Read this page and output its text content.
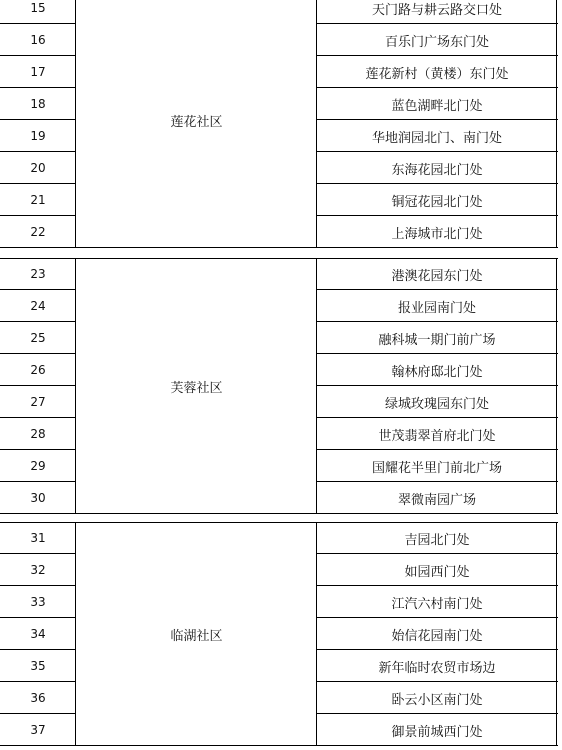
15	天门路与耕云路交口处
16	百乐门广场东门处
17	莲花新村（黄楼）东门处
18	蓝色湖畔北门处
19	华地润园北门、南门处
20	东海花园北门处
21	铜冠花园北门处
22	上海城市北门处
莲花社区
23	港澳花园东门处
24	报业园南门处
25	融科城一期门前广场
26	翰林府邸北门处
27	绿城玫瑰园东门处
28	世茂翡翠首府北门处
29	国耀花半里门前北广场
30	翠微南园广场
芙蓉社区
31	吉园北门处
32	如园西门处
33	江汽六村南门处
34	始信花园南门处
35	新年临时农贸市场边
36	卧云小区南门处
37	御景前城西门处
临湖社区
